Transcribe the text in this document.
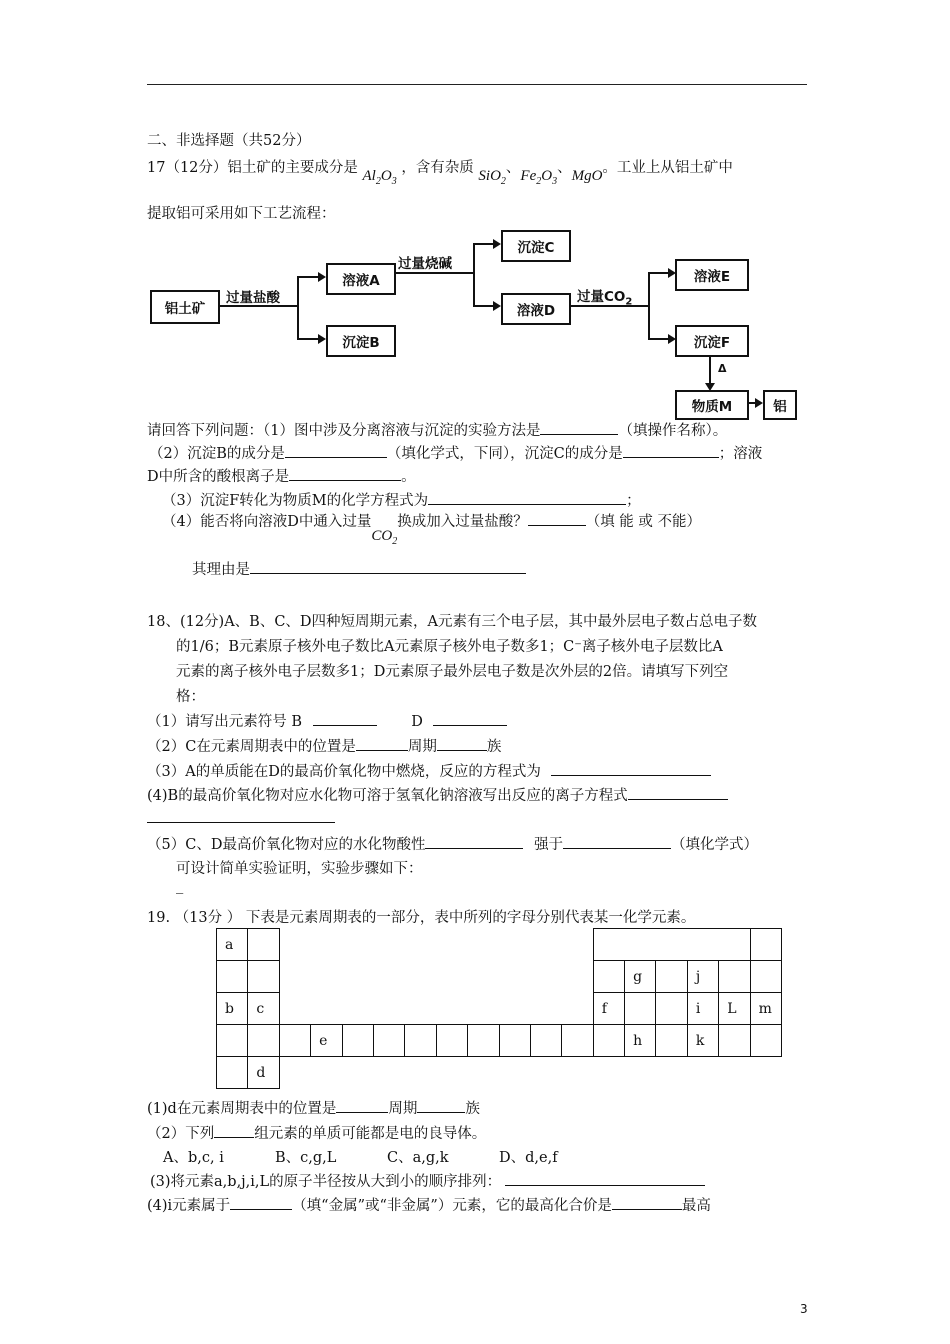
二、非选择题（共52分）
17（12分）铝土矿的主要成分是 $Al_2O_3$ ，含有杂质 SiO$_2$、$Fe_2O_3$、MgO。工业上从铝土矿中
提取铝可采用如下工艺流程：
铝土矿
过量盐酸
溶液A
沉淀B
过量烧碱
沉淀C
溶液D
过量$CO_2$
溶液E
沉淀F
Δ
物质M	铝
请回答下列问题：（1）图中涉及分离溶液与沉淀的实验方法是	（填操作名称）。
（2）沉淀B的成分是	（填化学式，下同），沉淀C的成分是	；溶液
D中所含的酸根离子是	。
（3）沉淀F转化为物质M的化学方程式为	；
（4）能否将向溶液D中通入过量$CO_2$换成加入过量盐酸？	（填 能 或 不能）
其理由是
18、(12分)A、B、C、D四种短周期元素，A元素有三个电子层，其中最外层电子数占总电子数
的1/6；B元素原子核外电子数比A元素原子核外电子数多1；C⁻离子核外电子层数比A
元素的离子核外电子层数多1；D元素原子最外层电子数是次外层的2倍。请填写下列空
格：
（1）请写出元素符号 B	D
（2）C在元素周期表中的位置是	周期	族
（3）A的单质能在D的最高价氧化物中燃烧，反应的方程式为
(4)B的最高价氧化物对应水化物可溶于氢氧化钠溶液写出反应的离子方程式
（5）C、D最高价氧化物对应的水化物酸性	强于	（填化学式）
可设计简单实验证明，实验步骤如下：
_
19. （13分 ） 下表是元素周期表的一部分，表中所列的字母分别代表某一化学元素。
a																	
													g		j		
b	c											f			i	L	m
			e										h		k		
	d																
(1)d在元素周期表中的位置是	周期	族
（2）下列	组元素的单质可能都是电的良导体。
A、b,c, i	B、c,g,L	C、a,g,k	D、d,e,f
(3)将元素a,b,j,i,L的原子半径按从大到小的顺序排列：
(4)i元素属于	（填“金属”或“非金属”）元素，它的最高化合价是	最高
3
